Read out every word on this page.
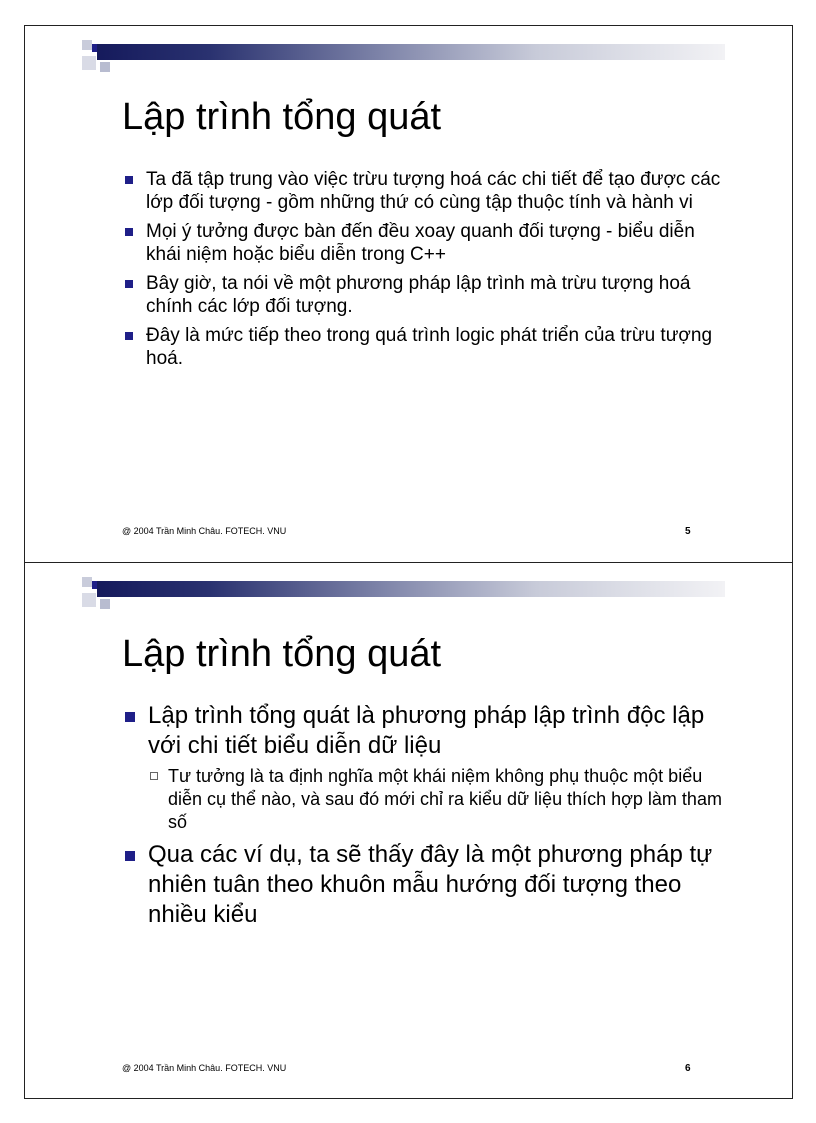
Lập trình tổng quát
Ta đã tập trung vào việc trừu tượng hoá các chi tiết để tạo được các lớp đối tượng - gồm những thứ có cùng tập thuộc tính và hành vi
Mọi ý tưởng được bàn đến đều xoay quanh đối tượng - biểu diễn khái niệm hoặc biểu diễn trong C++
Bây giờ, ta nói về một phương pháp lập trình mà trừu tượng hoá chính các lớp đối tượng.
Đây là mức tiếp theo trong quá trình logic phát triển của trừu tượng hoá.
@ 2004 Trần Minh Châu. FOTECH. VNU	5
Lập trình tổng quát
Lập trình tổng quát là phương pháp lập trình độc lập với chi tiết biểu diễn dữ liệu
Tư tưởng là ta định nghĩa một khái niệm không phụ thuộc một biểu diễn cụ thể nào, và sau đó mới chỉ ra kiểu dữ liệu thích hợp làm tham số
Qua các ví dụ, ta sẽ thấy đây là một phương pháp tự nhiên tuân theo khuôn mẫu hướng đối tượng theo nhiều kiểu
@ 2004 Trần Minh Châu. FOTECH. VNU	6
